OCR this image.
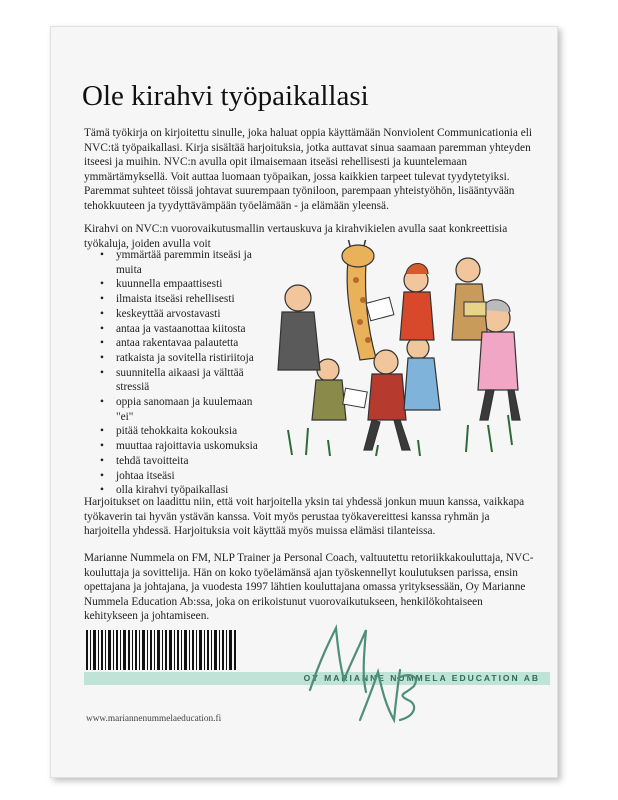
Ole kirahvi työpaikallasi

Tämä työkirja on kirjoitettu sinulle, joka haluat oppia käyttämään Nonviolent Communicationia eli NVC:tä työpaikallasi. Kirja sisältää harjoituksia, jotka auttavat sinua saamaan paremman yhteyden itseesi ja muihin. NVC:n avulla opit ilmaisemaan itseäsi rehellisesti ja kuuntelemaan ymmärtämyksellä. Voit auttaa luomaan työpaikan, jossa kaikkien tarpeet tulevat tyydytetyiksi. Paremmat suhteet töissä johtavat suurempaan työniloon, parempaan yhteistyöhön, lisääntyvään tehokkuuteen ja tyydyttävämpään työelämään - ja elämään yleensä.

Kirahvi on NVC:n vuorovaikutusmallin vertauskuva ja kirahvikielen avulla saat konkreettisia työkaluja, joiden avulla voit

• ymmärtää paremmin itseäsi ja muita
• kuunnella empaattisesti
• ilmaista itseäsi rehellisesti
• keskeyttää arvostavasti
• antaa ja vastaanottaa kiitosta
• antaa rakentavaa palautetta
• ratkaista ja sovitella ristiriitoja
• suunnitella aikaasi ja välttää stressiä
• oppia sanomaan ja kuulemaan "ei"
• pitää tehokkaita kokouksia
• muuttaa rajoittavia uskomuksia
• tehdä tavoitteita
• johtaa itseäsi
• olla kirahvi työpaikallasi

Harjoitukset on laadittu niin, että voit harjoitella yksin tai yhdessä jonkun muun kanssa, vaikkapa työkaverin tai hyvän ystävän kanssa. Voit myös perustaa työkavereittesi kanssa ryhmän ja harjoitella yhdessä. Harjoituksia voit käyttää myös muissa elämäsi tilanteissa.

Marianne Nummela on FM, NLP Trainer ja Personal Coach, valtuutettu retoriikkakouluttaja, NVC-kouluttaja ja sovittelija. Hän on koko työelämänsä ajan työskennellyt koulutuksen parissa, ensin opettajana ja johtajana, ja vuodesta 1997 lähtien kouluttajana omassa yrityksessään, Oy Marianne Nummela Education Ab:ssa, joka on erikoistunut vuorovaikutukseen, henkilökohtaiseen kehitykseen ja johtamiseen.

OY MARIANNE NUMMELA EDUCATION AB
www.mariannenummelaeducation.fi
